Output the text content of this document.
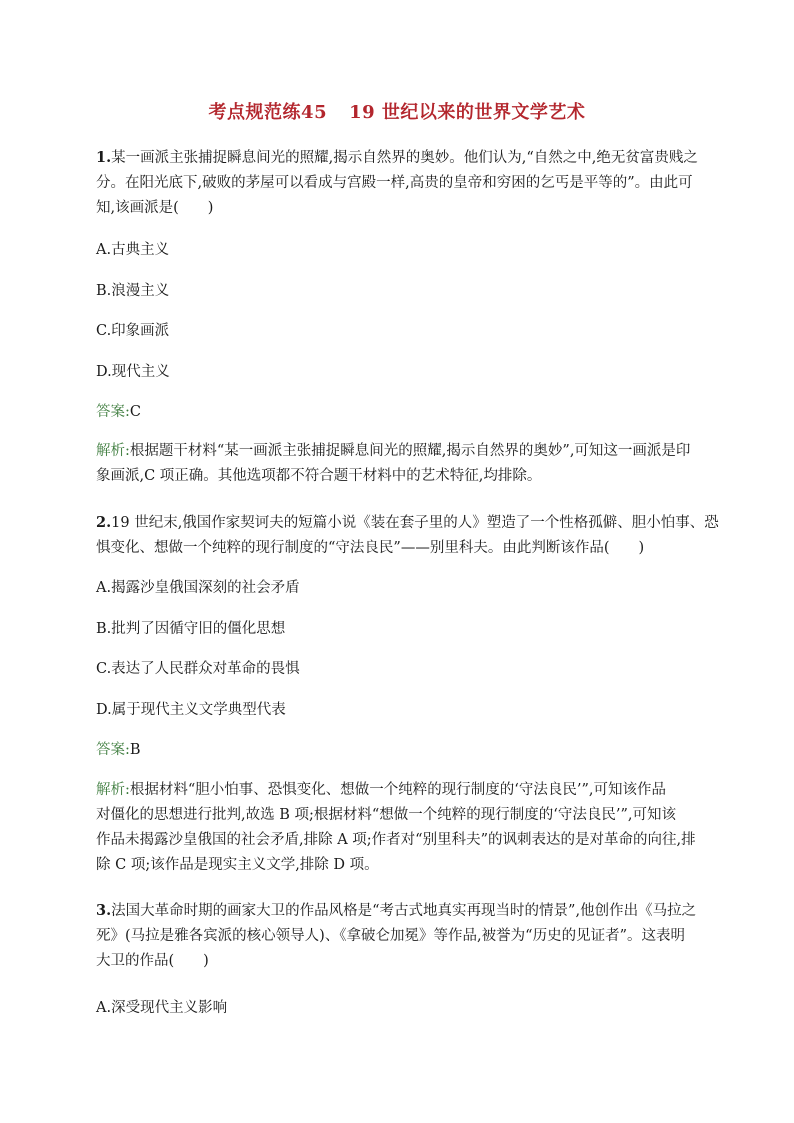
考点规范练45 19 世纪以来的世界文学艺术
1.某一画派主张捕捉瞬息间光的照耀,揭示自然界的奥妙。他们认为,“自然之中,绝无贫富贵贱之
分。在阳光底下,破败的茅屋可以看成与宫殿一样,高贵的皇帝和穷困的乞丐是平等的”。由此可
知,该画派是(　　)
A.古典主义
B.浪漫主义
C.印象画派
D.现代主义
答案:C
解析:根据题干材料“某一画派主张捕捉瞬息间光的照耀,揭示自然界的奥妙”,可知这一画派是印
象画派,C 项正确。其他选项都不符合题干材料中的艺术特征,均排除。
2.19 世纪末,俄国作家契诃夫的短篇小说《装在套子里的人》塑造了一个性格孤僻、胆小怕事、恐
惧变化、想做一个纯粹的现行制度的“守法良民”——别里科夫。由此判断该作品(　　)
A.揭露沙皇俄国深刻的社会矛盾
B.批判了因循守旧的僵化思想
C.表达了人民群众对革命的畏惧
D.属于现代主义文学典型代表
答案:B
解析:根据材料“胆小怕事、恐惧变化、想做一个纯粹的现行制度的‘守法良民’”,可知该作品
对僵化的思想进行批判,故选 B 项;根据材料“想做一个纯粹的现行制度的‘守法良民’”,可知该
作品未揭露沙皇俄国的社会矛盾,排除 A 项;作者对“别里科夫”的讽刺表达的是对革命的向往,排
除 C 项;该作品是现实主义文学,排除 D 项。
3.法国大革命时期的画家大卫的作品风格是“考古式地真实再现当时的情景”,他创作出《马拉之
死》(马拉是雅各宾派的核心领导人)、《拿破仑加冕》等作品,被誉为“历史的见证者”。这表明
大卫的作品(　　)
A.深受现代主义影响
